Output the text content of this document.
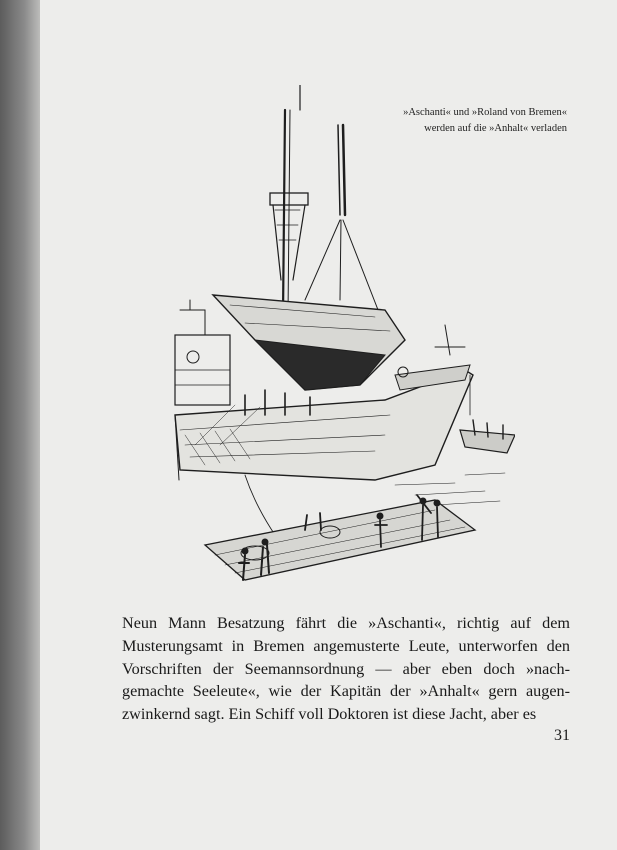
»Aschanti« und »Roland von Bremen«
werden auf die »Anhalt« verladen

Neun Mann Besatzung fährt die »Aschanti«, richtig auf dem Musterungsamt in Bremen angemusterte Leute, unterworfen den Vorschriften der Seemannsordnung — aber eben doch »nach-gemachte Seeleute«, wie der Kapitän der »Anhalt« gern augen-zwinkernd sagt. Ein Schiff voll Doktoren ist diese Jacht, aber es

31
